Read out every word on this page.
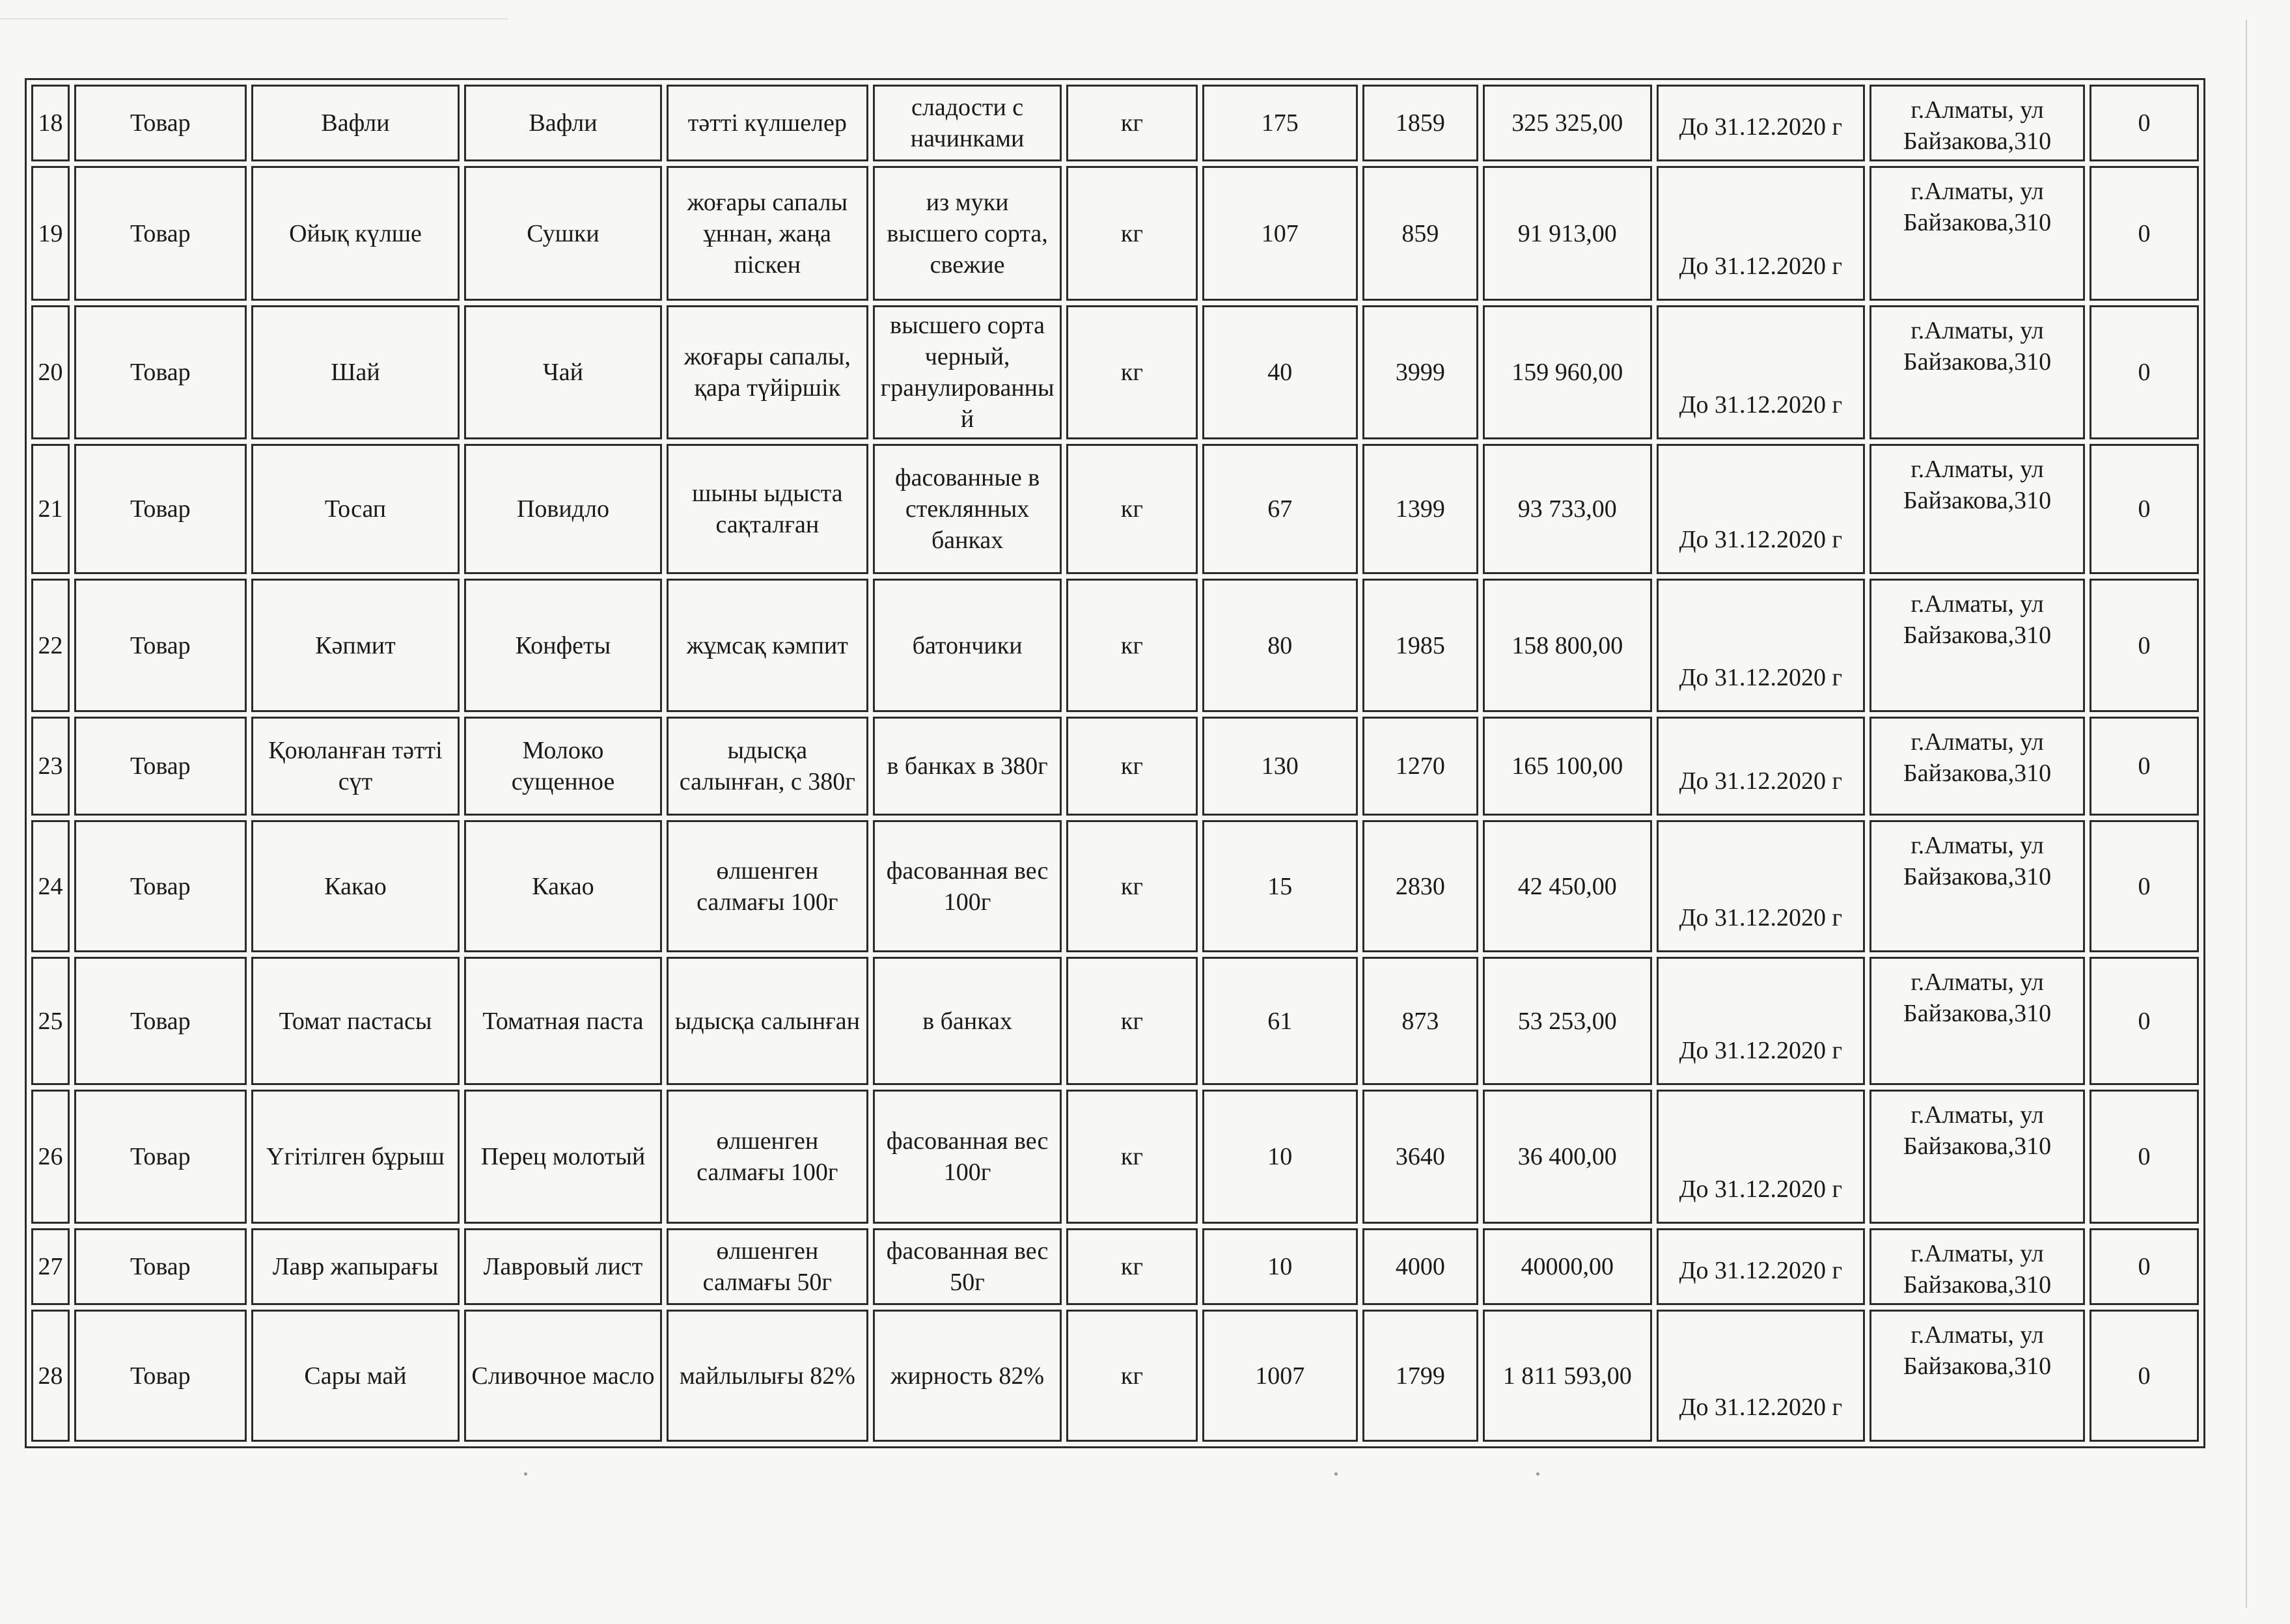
18	Товар	Вафли	Вафли	тәтті күлшелер	сладости с начинками	кг	175	1859	325 325,00	До 31.12.2020 г	г.Алматы, ул Байзакова,310	0
19	Товар	Ойық күлше	Сушки	жоғары сапалы ұннан, жаңа піскен	из муки высшего сорта, свежие	кг	107	859	91 913,00	До 31.12.2020 г	г.Алматы, ул Байзакова,310	0
20	Товар	Шай	Чай	жоғары сапалы, қара түйіршік	высшего сорта черный, гранулированный	кг	40	3999	159 960,00	До 31.12.2020 г	г.Алматы, ул Байзакова,310	0
21	Товар	Тосап	Повидло	шыны ыдыста сақталған	фасованные в стеклянных банках	кг	67	1399	93 733,00	До 31.12.2020 г	г.Алматы, ул Байзакова,310	0
22	Товар	Кәпмит	Конфеты	жұмсақ кәмпит	батончики	кг	80	1985	158 800,00	До 31.12.2020 г	г.Алматы, ул Байзакова,310	0
23	Товар	Қоюланған тәтті сүт	Молоко сущенное	ыдысқа салынған, с 380г	в банках в 380г	кг	130	1270	165 100,00	До 31.12.2020 г	г.Алматы, ул Байзакова,310	0
24	Товар	Какао	Какао	өлшенген салмағы 100г	фасованная вес 100г	кг	15	2830	42 450,00	До 31.12.2020 г	г.Алматы, ул Байзакова,310	0
25	Товар	Томат пастасы	Томатная паста	ыдысқа салынған	в банках	кг	61	873	53 253,00	До 31.12.2020 г	г.Алматы, ул Байзакова,310	0
26	Товар	Үгітілген бұрыш	Перец молотый	өлшенген салмағы 100г	фасованная вес 100г	кг	10	3640	36 400,00	До 31.12.2020 г	г.Алматы, ул Байзакова,310	0
27	Товар	Лавр жапырағы	Лавровый лист	өлшенген салмағы 50г	фасованная вес 50г	кг	10	4000	40000,00	До 31.12.2020 г	г.Алматы, ул Байзакова,310	0
28	Товар	Сары май	Сливочное масло	майлылығы 82%	жирность 82%	кг	1007	1799	1 811 593,00	До 31.12.2020 г	г.Алматы, ул Байзакова,310	0
